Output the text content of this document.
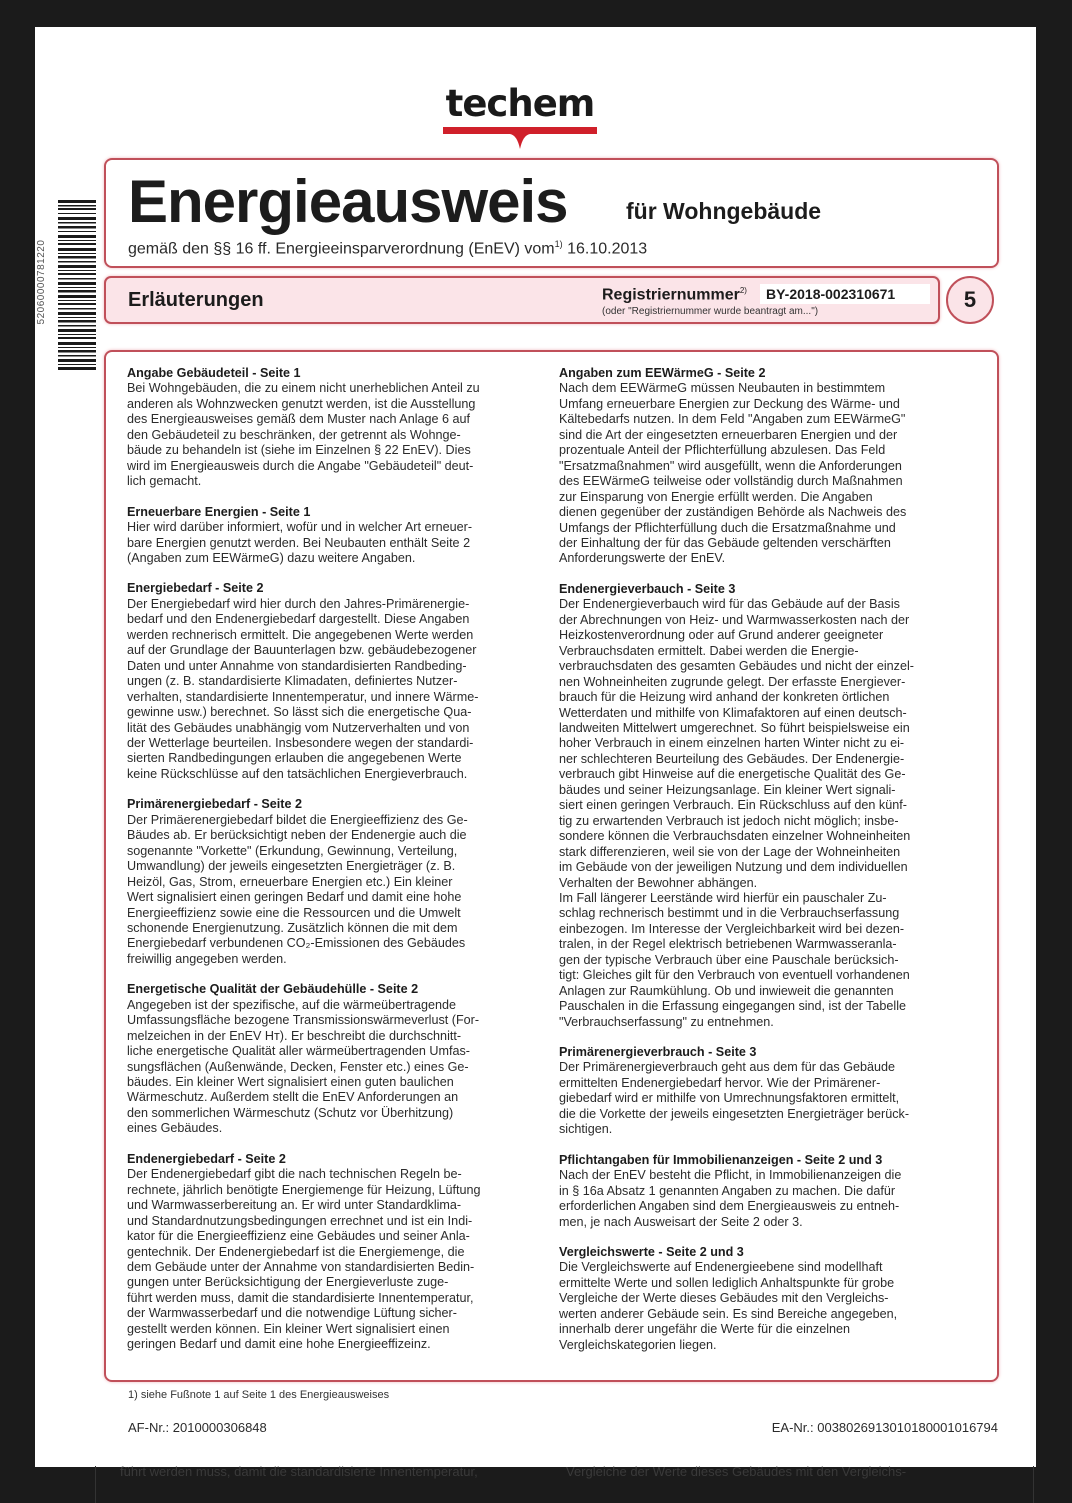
techem
52060000781220
Energieausweis	für Wohngebäude
gemäß den §§ 16 ff. Energieeinsparverordnung (EnEV) vom$^{1)}$ 16.10.2013
Erläuterungen	Registriernummer$^{2)}$	BY-2018-002310671
(oder "Registriernummer wurde beantragt am...")	5
Angabe Gebäudeteil - Seite 1

Bei Wohngebäuden, die zu einem nicht unerheblichen Anteil zu
anderen als Wohnzwecken genutzt werden, ist die Ausstellung
des Energieausweises gemäß dem Muster nach Anlage 6 auf
den Gebäudeteil zu beschränken, der getrennt als Wohnge-
bäude zu behandeln ist (siehe im Einzelnen § 22 EnEV). Dies
wird im Energieausweis durch die Angabe "Gebäudeteil" deut-
lich gemacht.

Erneuerbare Energien - Seite 1

Hier wird darüber informiert, wofür und in welcher Art erneuer-
bare Energien genutzt werden. Bei Neubauten enthält Seite 2
(Angaben zum EEWärmeG) dazu weitere Angaben.

Energiebedarf - Seite 2

Der Energiebedarf wird hier durch den Jahres-Primärenergie-
bedarf und den Endenergiebedarf dargestellt. Diese Angaben
werden rechnerisch ermittelt. Die angegebenen Werte werden
auf der Grundlage der Bauunterlagen bzw. gebäudebezogener
Daten und unter Annahme von standardisierten Randbeding-
ungen (z. B. standardisierte Klimadaten, definiertes Nutzer-
verhalten, standardisierte Innentemperatur, und innere Wärme-
gewinne usw.) berechnet. So lässt sich die energetische Qua-
lität des Gebäudes unabhängig vom Nutzerverhalten und von
der Wetterlage beurteilen. Insbesondere wegen der standardi-
sierten Randbedingungen erlauben die angegebenen Werte
keine Rückschlüsse auf den tatsächlichen Energieverbrauch.

Primärenergiebedarf - Seite 2

Der Primäerenergiebedarf bildet die Energieeffizienz des Ge-
Bäudes ab. Er berücksichtigt neben der Endenergie auch die
sogenannte "Vorkette" (Erkundung, Gewinnung, Verteilung,
Umwandlung) der jeweils eingesetzten Energieträger (z. B.
Heizöl, Gas, Strom, erneuerbare Energien etc.) Ein kleiner
Wert signalisiert einen geringen Bedarf und damit eine hohe
Energieeffizienz sowie eine die Ressourcen und die Umwelt
schonende Energienutzung. Zusätzlich können die mit dem
Energiebedarf verbundenen CO₂-Emissionen des Gebäudes
freiwillig angegeben werden.

Energetische Qualität der Gebäudehülle - Seite 2

Angegeben ist der spezifische, auf die wärmeübertragende
Umfassungsfläche bezogene Transmissionswärmeverlust (For-
melzeichen in der EnEV Hт). Er beschreibt die durchschnitt-
liche energetische Qualität aller wärmeübertragenden Umfas-
sungsflächen (Außenwände, Decken, Fenster etc.) eines Ge-
bäudes. Ein kleiner Wert signalisiert einen guten baulichen
Wärmeschutz. Außerdem stellt die EnEV Anforderungen an
den sommerlichen Wärmeschutz (Schutz vor Überhitzung)
eines Gebäudes.

Endenergiebedarf - Seite 2

Der Endenergiebedarf gibt die nach technischen Regeln be-
rechnete, jährlich benötigte Energiemenge für Heizung, Lüftung
und Warmwasserbereitung an. Er wird unter Standardklima-
und Standardnutzungsbedingungen errechnet und ist ein Indi-
kator für die Energieeffizienz eine Gebäudes und seiner Anla-
gentechnik. Der Endenergiebedarf ist die Energiemenge, die
dem Gebäude unter der Annahme von standardisierten Bedin-
gungen unter Berücksichtigung der Energieverluste zuge-
führt werden muss, damit die standardisierte Innentemperatur,
der Warmwasserbedarf und die notwendige Lüftung sicher-
gestellt werden können. Ein kleiner Wert signalisiert einen
geringen Bedarf und damit eine hohe Energieeffizeinz.

Angaben zum EEWärmeG - Seite 2

Nach dem EEWärmeG müssen Neubauten in bestimmtem
Umfang erneuerbare Energien zur Deckung des Wärme- und
Kältebedarfs nutzen. In dem Feld "Angaben zum EEWärmeG"
sind die Art der eingesetzten erneuerbaren Energien und der
prozentuale Anteil der Pflichterfüllung abzulesen. Das Feld
"Ersatzmaßnahmen" wird ausgefüllt, wenn die Anforderungen
des EEWärmeG teilweise oder vollständig durch Maßnahmen
zur Einsparung von Energie erfüllt werden. Die Angaben
dienen gegenüber der zuständigen Behörde als Nachweis des
Umfangs der Pflichterfüllung duch die Ersatzmaßnahme und
der Einhaltung der für das Gebäude geltenden verschärften
Anforderungswerte der EnEV.

Endenergieverbauch - Seite 3

Der Endenergieverbauch wird für das Gebäude auf der Basis
der Abrechnungen von Heiz- und Warmwasserkosten nach der
Heizkostenverordnung oder auf Grund anderer geeigneter
Verbrauchsdaten ermittelt. Dabei werden die Energie-
verbrauchsdaten des gesamten Gebäudes und nicht der einzel-
nen Wohneinheiten zugrunde gelegt. Der erfasste Energiever-
brauch für die Heizung wird anhand der konkreten örtlichen
Wetterdaten und mithilfe von Klimafaktoren auf einen deutsch-
landweiten Mittelwert umgerechnet. So führt beispielsweise ein
hoher Verbrauch in einem einzelnen harten Winter nicht zu ei-
ner schlechteren Beurteilung des Gebäudes. Der Endenergie-
verbrauch gibt Hinweise auf die energetische Qualität des Ge-
bäudes und seiner Heizungsanlage. Ein kleiner Wert signali-
siert einen geringen Verbrauch. Ein Rückschluss auf den künf-
tig zu erwartenden Verbrauch ist jedoch nicht möglich; insbe-
sondere können die Verbrauchsdaten einzelner Wohneinheiten
stark differenzieren, weil sie von der Lage der Wohneinheiten
im Gebäude von der jeweiligen Nutzung und dem individuellen
Verhalten der Bewohner abhängen.
Im Fall längerer Leerstände wird hierfür ein pauschaler Zu-
schlag rechnerisch bestimmt und in die Verbrauchserfassung
einbezogen. Im Interesse der Vergleichbarkeit wird bei dezen-
tralen, in der Regel elektrisch betriebenen Warmwasseranla-
gen der typische Verbrauch über eine Pauschale berücksich-
tigt: Gleiches gilt für den Verbrauch von eventuell vorhandenen
Anlagen zur Raumkühlung. Ob und inwieweit die genannten
Pauschalen in die Erfassung eingegangen sind, ist der Tabelle
"Verbrauchserfassung" zu entnehmen.

Primärenergieverbrauch - Seite 3

Der Primärenergieverbrauch geht aus dem für das Gebäude
ermittelten Endenergiebedarf hervor. Wie der Primärener-
giebedarf wird er mithilfe von Umrechnungsfaktoren ermittelt,
die die Vorkette der jeweils eingesetzten Energieträger berück-
sichtigen.

Pflichtangaben für Immobilienanzeigen - Seite 2 und 3

Nach der EnEV besteht die Pflicht, in Immobilienanzeigen die
in § 16a Absatz 1 genannten Angaben zu machen. Die dafür
erforderlichen Angaben sind dem Energieausweis zu entneh-
men, je nach Ausweisart der Seite 2 oder 3.

Vergleichswerte - Seite 2 und 3

Die Vergleichswerte auf Endenergieebene sind modellhaft
ermittelte Werte und sollen lediglich Anhaltspunkte für grobe
Vergleiche der Werte dieses Gebäudes mit den Vergleichs-
werten anderer Gebäude sein. Es sind Bereiche angegeben,
innerhalb derer ungefähr die Werte für die einzelnen
Vergleichskategorien liegen.

1) siehe Fußnote 1 auf Seite 1 des Energieausweises
AF-Nr.: 2010000306848	EA-Nr.: 0038026913010180001016794
führt werden muss, damit die standardisierte Innentemperatur,	Vergleiche der Werte dieses Gebäudes mit den Vergleichs-
